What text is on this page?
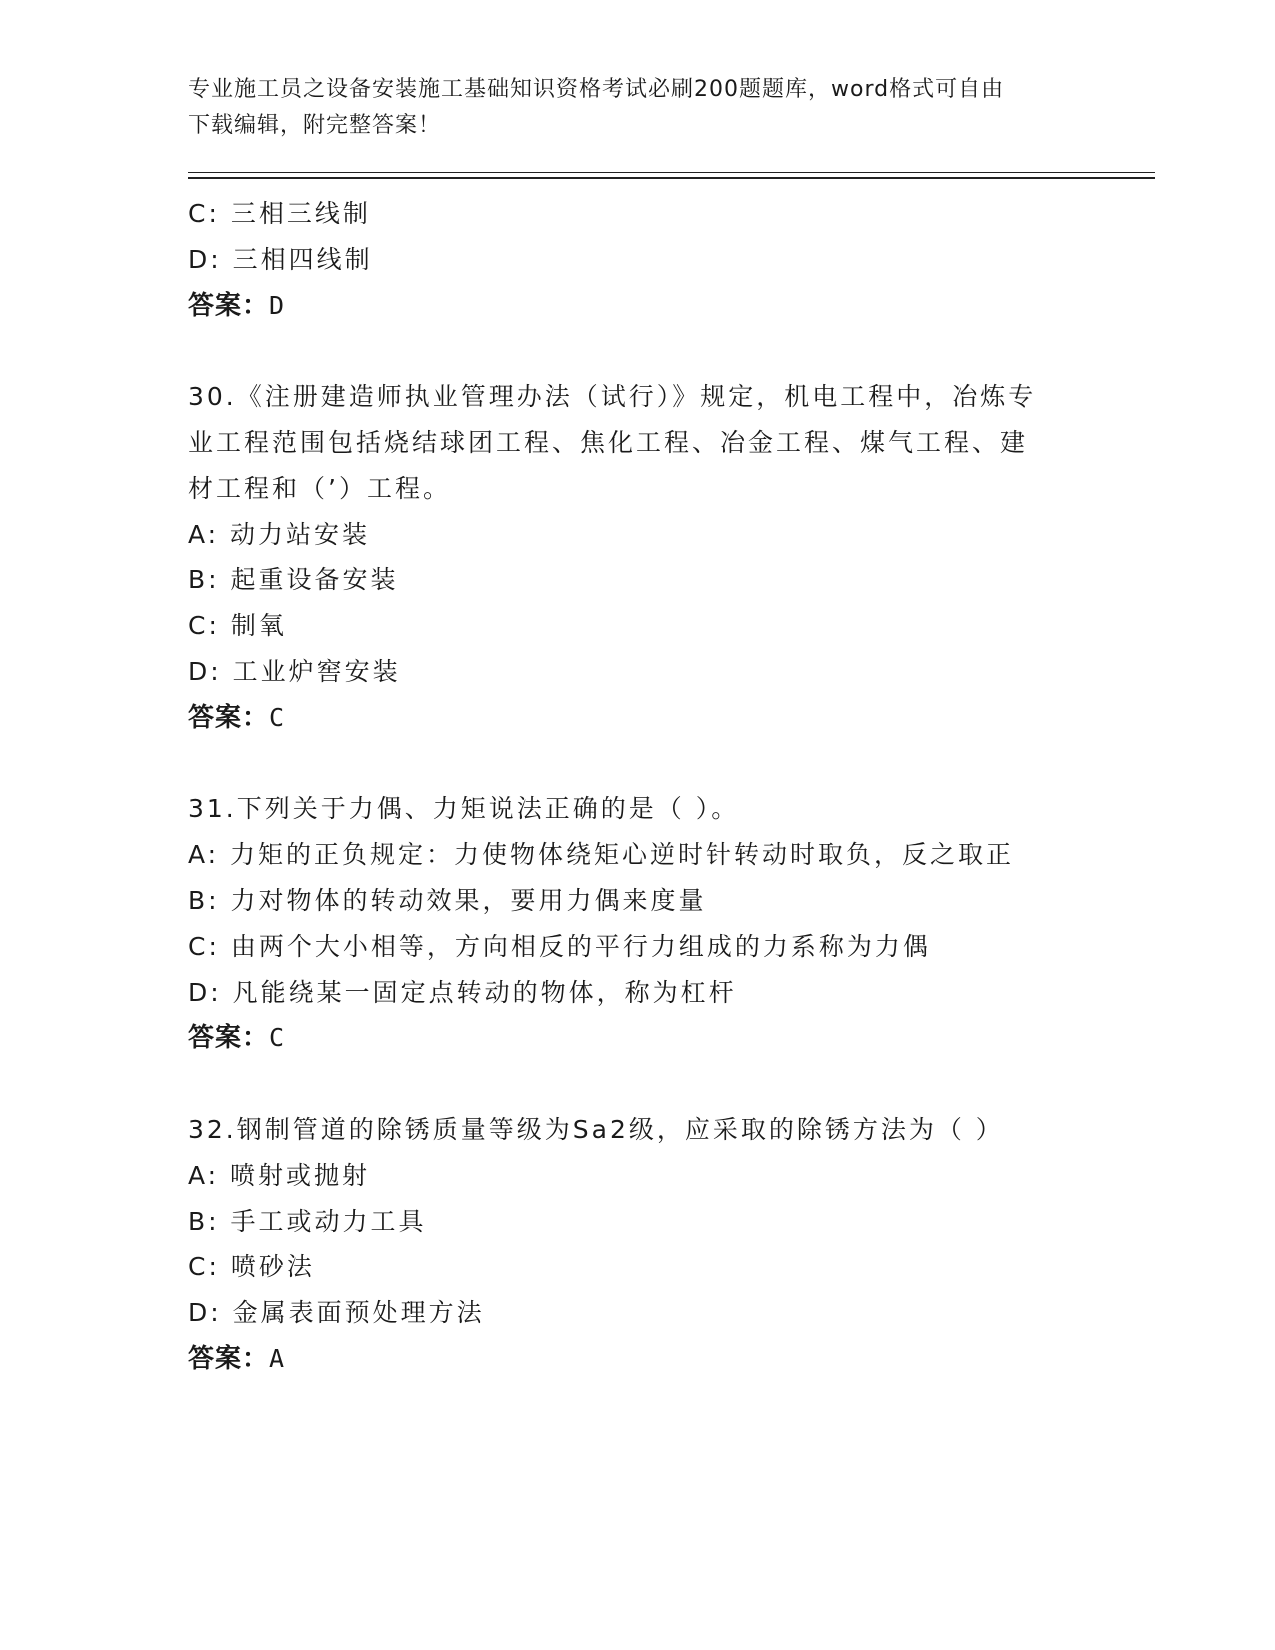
专业施工员之设备安装施工基础知识资格考试必刷200题题库，word格式可自由
下载编辑，附完整答案！
C: 三相三线制
D: 三相四线制
答案：D
30.《注册建造师执业管理办法（试行）》规定，机电工程中，冶炼专
业工程范围包括烧结球团工程、焦化工程、冶金工程、煤气工程、建
材工程和（’）工程。
A: 动力站安装
B: 起重设备安装
C: 制氧
D: 工业炉窖安装
答案：C
31.下列关于力偶、力矩说法正确的是（ ）。
A: 力矩的正负规定：力使物体绕矩心逆时针转动时取负，反之取正
B: 力对物体的转动效果，要用力偶来度量
C: 由两个大小相等，方向相反的平行力组成的力系称为力偶
D: 凡能绕某一固定点转动的物体，称为杠杆
答案：C
32.钢制管道的除锈质量等级为Sa2级，应采取的除锈方法为（ ）
A: 喷射或抛射
B: 手工或动力工具
C: 喷砂法
D: 金属表面预处理方法
答案：A
